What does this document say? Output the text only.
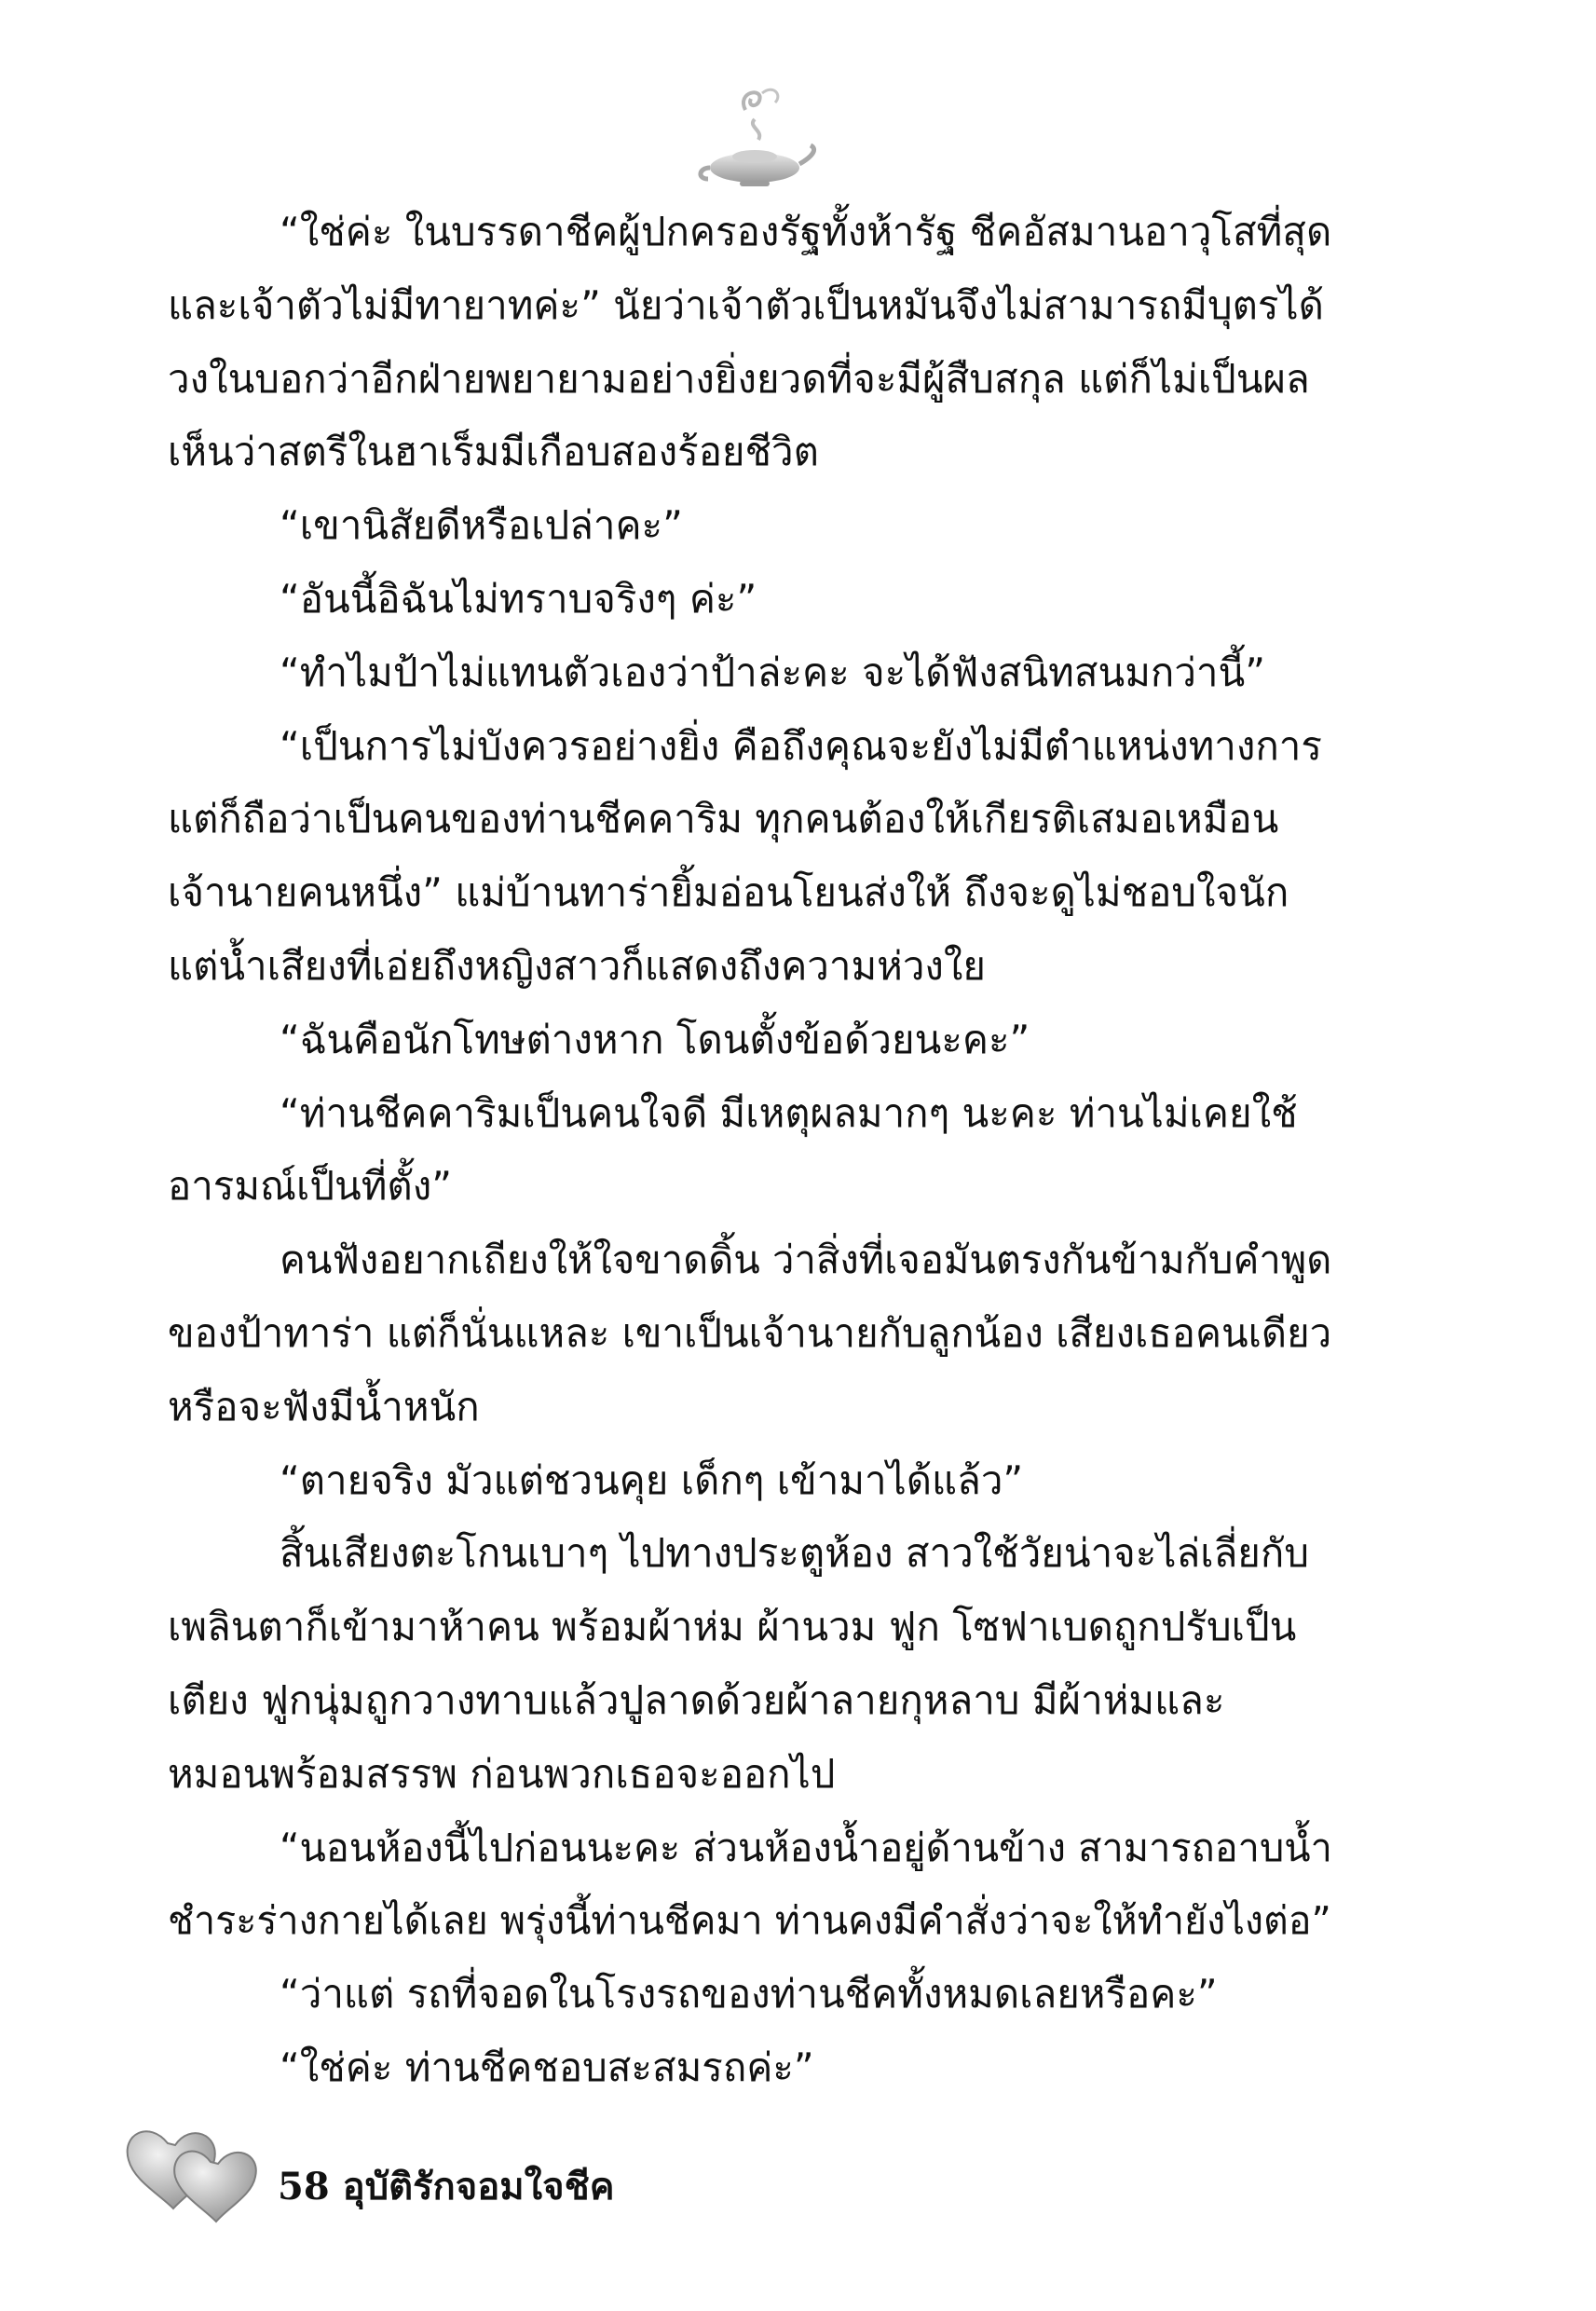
“ใช่ค่ะ ในบรรดาชีคผู้ปกครองรัฐทั้งห้ารัฐ ชีคอัสมานอาวุโสที่สุด
และเจ้าตัวไม่มีทายาทค่ะ” นัยว่าเจ้าตัวเป็นหมันจึงไม่สามารถมีบุตรได้
วงในบอกว่าอีกฝ่ายพยายามอย่างยิ่งยวดที่จะมีผู้สืบสกุล แต่ก็ไม่เป็นผล
เห็นว่าสตรีในฮาเร็มมีเกือบสองร้อยชีวิต
“เขานิสัยดีหรือเปล่าคะ”
“อันนี้อิฉันไม่ทราบจริงๆ ค่ะ”
“ทำไมป้าไม่แทนตัวเองว่าป้าล่ะคะ จะได้ฟังสนิทสนมกว่านี้”
“เป็นการไม่บังควรอย่างยิ่ง คือถึงคุณจะยังไม่มีตำแหน่งทางการ
แต่ก็ถือว่าเป็นคนของท่านชีคคาริม ทุกคนต้องให้เกียรติเสมอเหมือน
เจ้านายคนหนึ่ง” แม่บ้านทาร่ายิ้มอ่อนโยนส่งให้ ถึงจะดูไม่ชอบใจนัก
แต่น้ำเสียงที่เอ่ยถึงหญิงสาวก็แสดงถึงความห่วงใย
“ฉันคือนักโทษต่างหาก โดนตั้งข้อด้วยนะคะ”
“ท่านชีคคาริมเป็นคนใจดี มีเหตุผลมากๆ นะคะ ท่านไม่เคยใช้
อารมณ์เป็นที่ตั้ง”
คนฟังอยากเถียงให้ใจขาดดิ้น ว่าสิ่งที่เจอมันตรงกันข้ามกับคำพูด
ของป้าทาร่า แต่ก็นั่นแหละ เขาเป็นเจ้านายกับลูกน้อง เสียงเธอคนเดียว
หรือจะฟังมีน้ำหนัก
“ตายจริง มัวแต่ชวนคุย เด็กๆ เข้ามาได้แล้ว”
สิ้นเสียงตะโกนเบาๆ ไปทางประตูห้อง สาวใช้วัยน่าจะไล่เลี่ยกับ
เพลินตาก็เข้ามาห้าคน พร้อมผ้าห่ม ผ้านวม ฟูก โซฟาเบดถูกปรับเป็น
เตียง ฟูกนุ่มถูกวางทาบแล้วปูลาดด้วยผ้าลายกุหลาบ มีผ้าห่มและ
หมอนพร้อมสรรพ ก่อนพวกเธอจะออกไป
“นอนห้องนี้ไปก่อนนะคะ ส่วนห้องน้ำอยู่ด้านข้าง สามารถอาบน้ำ
ชำระร่างกายได้เลย พรุ่งนี้ท่านชีคมา ท่านคงมีคำสั่งว่าจะให้ทำยังไงต่อ”
“ว่าแต่ รถที่จอดในโรงรถของท่านชีคทั้งหมดเลยหรือคะ”
“ใช่ค่ะ ท่านชีคชอบสะสมรถค่ะ”
58 อุบัติรักจอมใจชีค
